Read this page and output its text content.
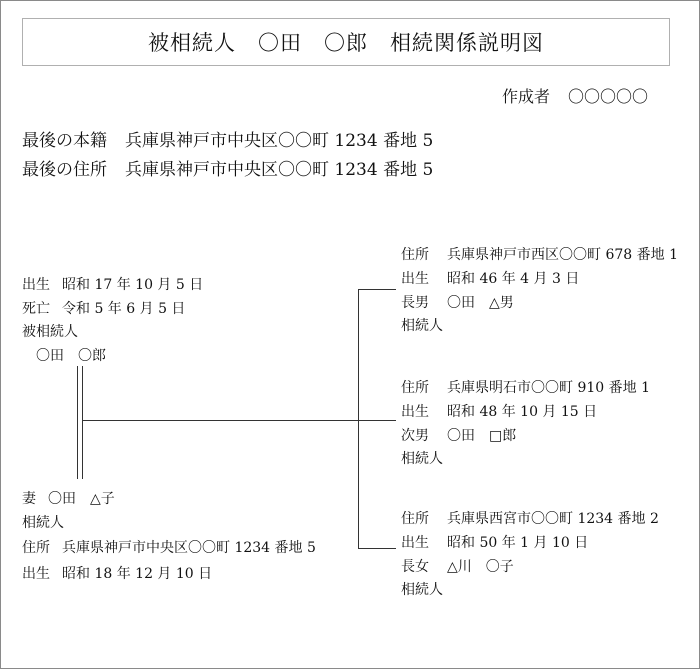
被相続人　〇田　〇郎　相続関係説明図
作成者 〇〇〇〇〇
最後の本籍 兵庫県神戸市中央区〇〇町 1234 番地 5
最後の住所 兵庫県神戸市中央区〇〇町 1234 番地 5
出生 昭和 17 年 10 月 5 日
死亡 令和 5 年 6 月 5 日
被相続人
〇田　〇郎
妻 〇田　△子
相続人
住所 兵庫県神戸市中央区〇〇町 1234 番地 5
出生 昭和 18 年 12 月 10 日
住所 兵庫県神戸市西区〇〇町 678 番地 1
出生 昭和 46 年 4 月 3 日
長男 〇田　△男
相続人
住所 兵庫県明石市〇〇町 910 番地 1
出生 昭和 48 年 10 月 15 日
次男 〇田　□郎
相続人
住所 兵庫県西宮市〇〇町 1234 番地 2
出生 昭和 50 年 1 月 10 日
長女 △川　〇子
相続人
